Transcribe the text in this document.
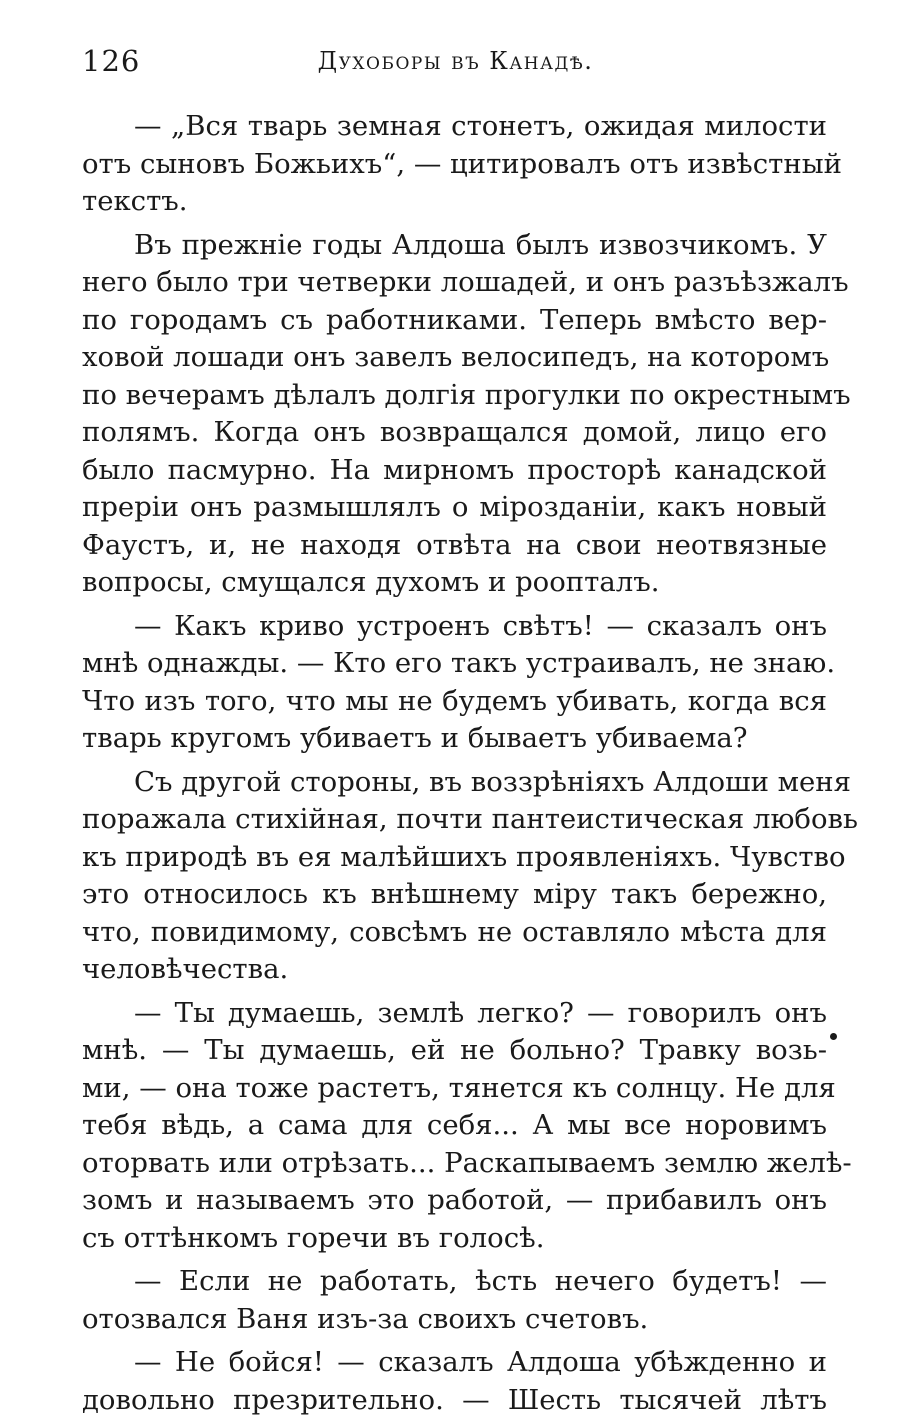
126	Духоборы въ Канадѣ.
— „Вся тварь земная стонетъ, ожидая милости
отъ сыновъ Божьихъ“, — цитировалъ отъ извѣстный
текстъ.
Въ прежніе годы Алдоша былъ извозчикомъ. У
него было три четверки лошадей, и онъ разъѣзжалъ
по городамъ съ работниками. Теперь вмѣсто вер-
ховой лошади онъ завелъ велосипедъ, на которомъ
по вечерамъ дѣлалъ долгія прогулки по окрестнымъ
полямъ. Когда онъ возвращался домой, лицо его
было пасмурно. На мирномъ просторѣ канадской
преріи онъ размышлялъ о мірозданіи, какъ новый
Фаустъ, и, не находя отвѣта на свои неотвязные
вопросы, смущался духомъ и роопталъ.
— Какъ криво устроенъ свѣтъ! — сказалъ онъ
мнѣ однажды. — Кто его такъ устраивалъ, не знаю.
Что изъ того, что мы не будемъ убивать, когда вся
тварь кругомъ убиваетъ и бываетъ убиваема?
Съ другой стороны, въ воззрѣніяхъ Алдоши меня
поражала стихійная, почти пантеистическая любовь
къ природѣ въ ея малѣйшихъ проявленіяхъ. Чувство
это относилось къ внѣшнему міру такъ бережно,
что, повидимому, совсѣмъ не оставляло мѣста для
человѣчества.
— Ты думаешь, землѣ легко? — говорилъ онъ
мнѣ. — Ты думаешь, ей не больно? Травку возь-
ми, — она тоже растетъ, тянется къ солнцу. Не для
тебя вѣдь, а сама для себя... А мы все норовимъ
оторвать или отрѣзать... Раскапываемъ землю желѣ-
зомъ и называемъ это работой, — прибавилъ онъ
съ оттѣнкомъ горечи въ голосѣ.
— Если не работать, ѣсть нечего будетъ! —
отозвался Ваня изъ-за своихъ счетовъ.
— Не бойся! — сказалъ Алдоша убѣжденно и
довольно презрительно. — Шесть тысячей лѣтъ
